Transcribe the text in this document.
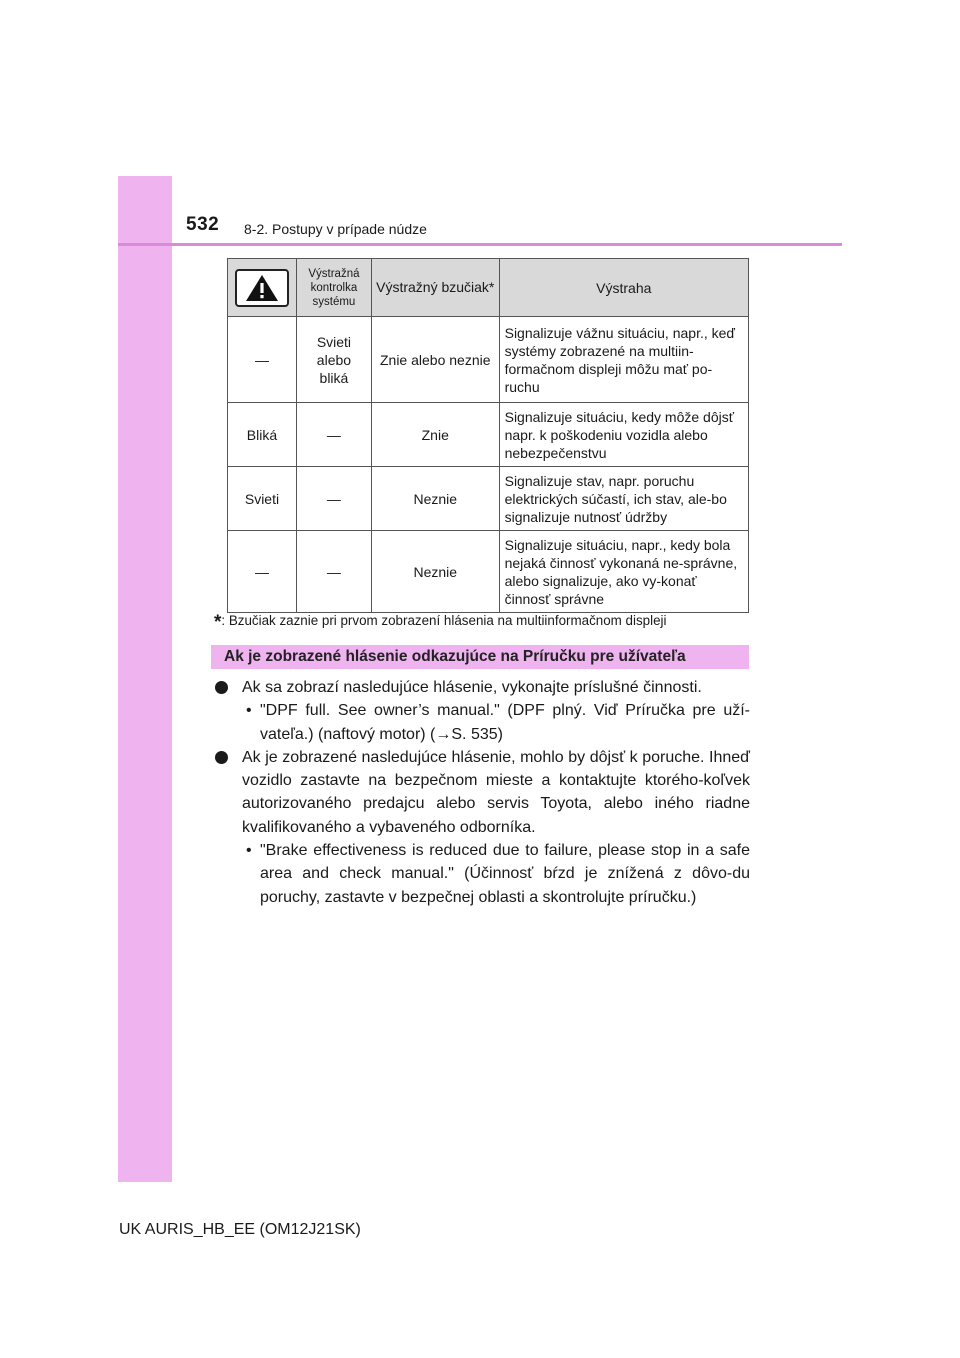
532 8-2. Postupy v prípade núdze
	Výstražná kontrolka systému	Výstražný bzučiak*	Výstraha
—	Svieti alebo bliká	Znie alebo neznie	Signalizuje vážnu situáciu, napr., keď systémy zobrazené na multiin-formačnom displeji môžu mať po-ruchu
Bliká	—	Znie	Signalizuje situáciu, kedy môže dôjsť napr. k poškodeniu vozidla alebo nebezpečenstvu
Svieti	—	Neznie	Signalizuje stav, napr. poruchu elektrických súčastí, ich stav, ale-bo signalizuje nutnosť údržby
—	—	Neznie	Signalizuje situáciu, napr., kedy bola nejaká činnosť vykonaná ne-správne, alebo signalizuje, ako vy-konať činnosť správne
*: Bzučiak zaznie pri prvom zobrazení hlásenia na multiinformačnom displeji
Ak je zobrazené hlásenie odkazujúce na Príručku pre užívateľa

Ak sa zobrazí nasledujúce hlásenie, vykonajte príslušné činnosti.

• "DPF full. See owner’s manual." (DPF plný. Viď Príručka pre uží-vateľa.) (naftový motor) (→S. 535)

Ak je zobrazené nasledujúce hlásenie, mohlo by dôjsť k poruche. Ihneď vozidlo zastavte na bezpečnom mieste a kontaktujte ktorého-koľvek autorizovaného predajcu alebo servis Toyota, alebo iného riadne kvalifikovaného a vybaveného odborníka.

• "Brake effectiveness is reduced due to failure, please stop in a safe area and check manual." (Účinnosť bŕzd je znížená z dôvo-du poruchy, zastavte v bezpečnej oblasti a skontrolujte príručku.)

UK AURIS_HB_EE (OM12J21SK)
